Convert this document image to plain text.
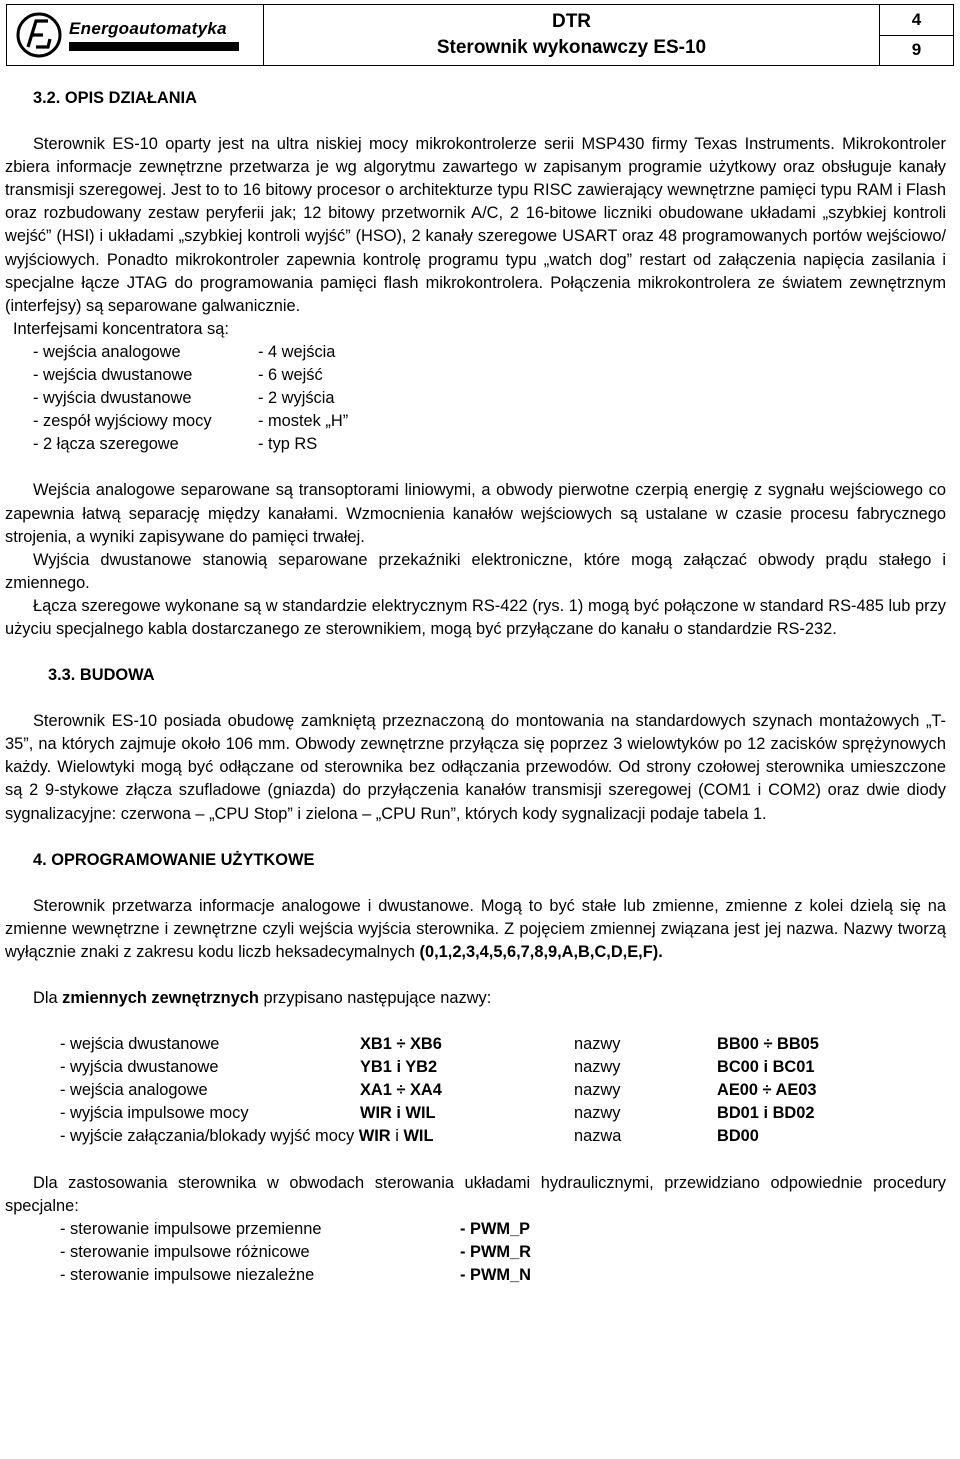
Energoautomatyka	DTR
Sterownik wykonawczy ES-10
4
9

3.2. OPIS DZIAŁANIA

Sterownik ES-10 oparty jest na ultra niskiej mocy mikrokontrolerze serii MSP430 firmy Texas Instruments. Mikrokontroler zbiera informacje zewnętrzne przetwarza je wg algorytmu zawartego w zapisanym programie użytkowy oraz obsługuje kanały transmisji szeregowej. Jest to to 16 bitowy procesor o architekturze typu RISC zawierający wewnętrzne pamięci typu RAM i Flash oraz rozbudowany zestaw peryferii jak; 12 bitowy przetwornik A/C, 2 16-bitowe liczniki obudowane układami „szybkiej kontroli wejść” (HSI) i układami „szybkiej kontroli wyjść” (HSO), 2 kanały szeregowe USART oraz 48 programowanych portów wejściowo/ wyjściowych. Ponadto mikrokontroler zapewnia kontrolę programu typu „watch dog” restart od załączenia napięcia zasilania i specjalne łącze JTAG do programowania pamięci flash mikrokontrolera. Połączenia mikrokontrolera ze światem zewnętrznym (interfejsy) są separowane galwanicznie.

Interfejsami koncentratora są:

- wejścia analogowe	- 4 wejścia
- wejścia dwustanowe	- 6 wejść
- wyjścia dwustanowe	- 2 wyjścia
- zespół wyjściowy mocy	- mostek „H”
- 2 łącza szeregowe	- typ RS

Wejścia analogowe separowane są transoptorami liniowymi, a obwody pierwotne czerpią energię z sygnału wejściowego co zapewnia łatwą separację między kanałami. Wzmocnienia kanałów wejściowych są ustalane w czasie procesu fabrycznego strojenia, a wyniki zapisywane do pamięci trwałej.

Wyjścia dwustanowe stanowią separowane przekaźniki elektroniczne, które mogą załączać obwody prądu stałego i zmiennego.

Łącza szeregowe wykonane są w standardzie elektrycznym RS-422 (rys. 1) mogą być połączone w standard RS-485 lub przy użyciu specjalnego kabla dostarczanego ze sterownikiem, mogą być przyłączane do kanału o standardzie RS-232.

3.3. BUDOWA

Sterownik ES-10 posiada obudowę zamkniętą przeznaczoną do montowania na standardowych szynach montażowych „T-35”, na których zajmuje około 106 mm. Obwody zewnętrzne przyłącza się poprzez 3 wielowtyków po 12 zacisków sprężynowych każdy. Wielowtyki mogą być odłączane od sterownika bez odłączania przewodów. Od strony czołowej sterownika umieszczone są 2 9-stykowe złącza szufladowe (gniazda) do przyłączenia kanałów transmisji szeregowej (COM1 i COM2) oraz dwie diody sygnalizacyjne: czerwona – „CPU Stop” i zielona – „CPU Run”, których kody sygnalizacji podaje tabela 1.

4. OPROGRAMOWANIE UŻYTKOWE

Sterownik przetwarza informacje analogowe i dwustanowe. Mogą to być stałe lub zmienne, zmienne z kolei dzielą się na zmienne wewnętrzne i zewnętrzne czyli wejścia wyjścia sterownika. Z pojęciem zmiennej związana jest jej nazwa. Nazwy tworzą wyłącznie znaki z zakresu kodu liczb heksadecymalnych (0,1,2,3,4,5,6,7,8,9,A,B,C,D,E,F).

Dla zmiennych zewnętrznych przypisano następujące nazwy:

- wejścia dwustanowe	XB1 ÷ XB6	nazwy	BB00 ÷ BB05
- wyjścia dwustanowe	YB1 i YB2	nazwy	BC00 i BC01
- wejścia analogowe	XA1 ÷ XA4	nazwy	AE00 ÷ AE03
- wyjścia impulsowe mocy	WIR i WIL	nazwy	BD01 i BD02
- wyjście załączania/blokady wyjść mocy WIR i WIL	nazwa	BD00

Dla zastosowania sterownika w obwodach sterowania układami hydraulicznymi, przewidziano odpowiednie procedury specjalne:

- sterowanie impulsowe przemienne	- PWM_P
- sterowanie impulsowe różnicowe	- PWM_R
- sterowanie impulsowe niezależne	- PWM_N
